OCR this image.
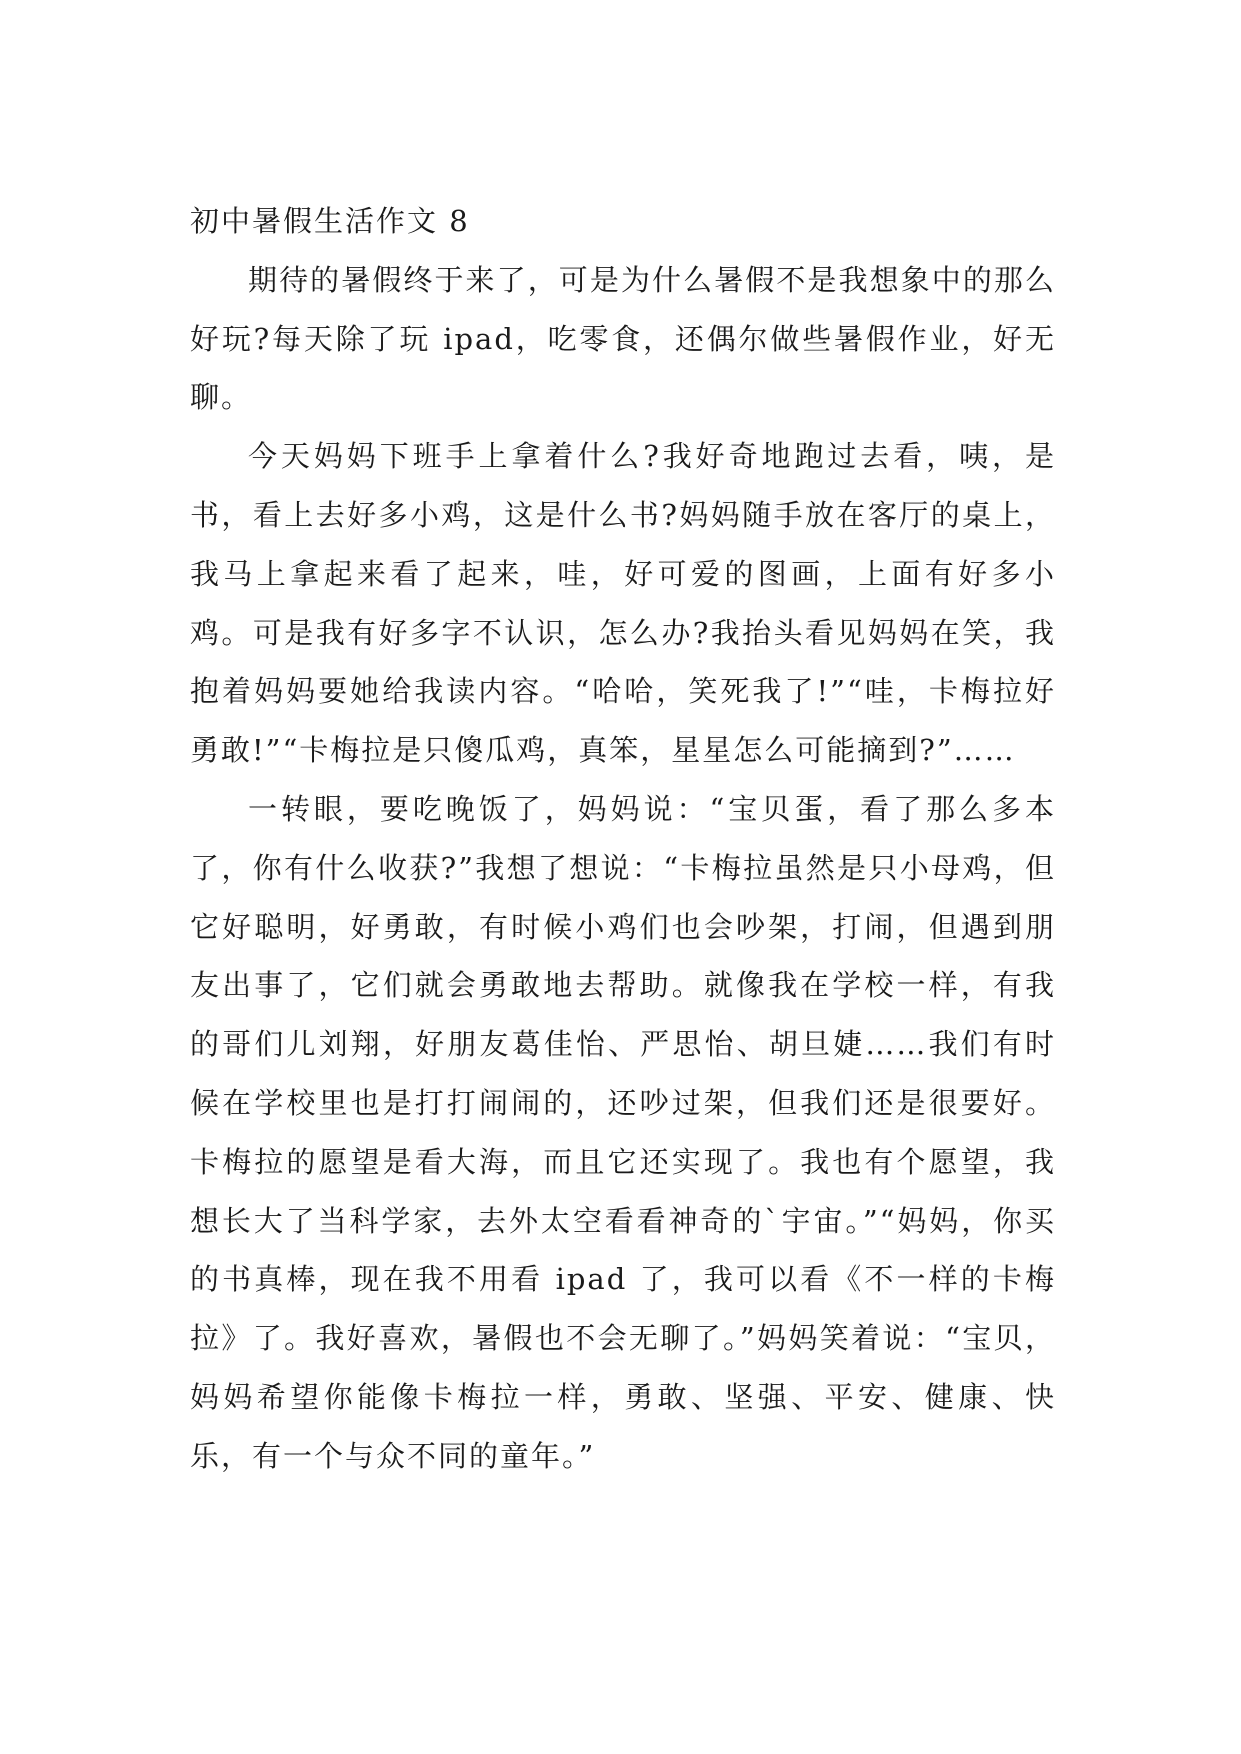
初中暑假生活作文 8

期待的暑假终于来了，可是为什么暑假不是我想象中的那么好玩?每天除了玩 ipad，吃零食，还偶尔做些暑假作业，好无聊。

今天妈妈下班手上拿着什么?我好奇地跑过去看，咦，是书，看上去好多小鸡，这是什么书?妈妈随手放在客厅的桌上，我马上拿起来看了起来，哇，好可爱的图画，上面有好多小鸡。可是我有好多字不认识，怎么办?我抬头看见妈妈在笑，我抱着妈妈要她给我读内容。“哈哈，笑死我了!”“哇，卡梅拉好勇敢!”“卡梅拉是只傻瓜鸡，真笨，星星怎么可能摘到?”……

一转眼，要吃晚饭了，妈妈说：“宝贝蛋，看了那么多本了，你有什么收获?”我想了想说：“卡梅拉虽然是只小母鸡，但它好聪明，好勇敢，有时候小鸡们也会吵架，打闹，但遇到朋友出事了，它们就会勇敢地去帮助。就像我在学校一样，有我的哥们儿刘翔，好朋友葛佳怡、严思怡、胡旦婕……我们有时候在学校里也是打打闹闹的，还吵过架，但我们还是很要好。卡梅拉的愿望是看大海，而且它还实现了。我也有个愿望，我想长大了当科学家，去外太空看看神奇的`宇宙。”“妈妈，你买的书真棒，现在我不用看 ipad 了，我可以看《不一样的卡梅拉》了。我好喜欢，暑假也不会无聊了。”妈妈笑着说：“宝贝，妈妈希望你能像卡梅拉一样，勇敢、坚强、平安、健康、快乐，有一个与众不同的童年。”
